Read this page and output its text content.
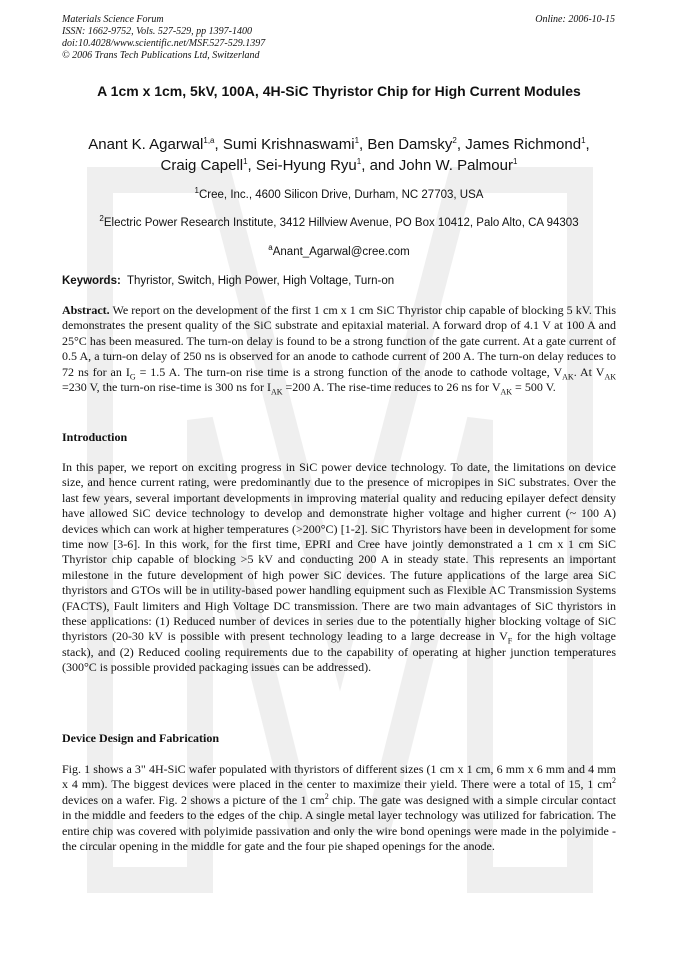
Materials Science Forum
ISSN: 1662-9752, Vols. 527-529, pp 1397-1400
doi:10.4028/www.scientific.net/MSF.527-529.1397
© 2006 Trans Tech Publications Ltd, Switzerland
Online: 2006-10-15
A 1cm x 1cm, 5kV, 100A, 4H-SiC Thyristor Chip for High Current Modules
Anant K. Agarwal$^{1,a}$, Sumi Krishnaswami$^1$, Ben Damsky$^2$, James Richmond$^1$,
Craig Capell$^1$, Sei-Hyung Ryu$^1$, and John W. Palmour$^1$
$^1$Cree, Inc., 4600 Silicon Drive, Durham, NC 27703, USA
$^2$Electric Power Research Institute, 3412 Hillview Avenue, PO Box 10412, Palo Alto, CA 94303
$^a$Anant_Agarwal@cree.com
Keywords: Thyristor, Switch, High Power, High Voltage, Turn-on
Abstract. We report on the development of the first 1 cm x 1 cm SiC Thyristor chip capable of blocking 5 kV. This demonstrates the present quality of the SiC substrate and epitaxial material. A forward drop of 4.1 V at 100 A and 25°C has been measured. The turn-on delay is found to be a strong function of the gate current. At a gate current of 0.5 A, a turn-on delay of 250 ns is observed for an anode to cathode current of 200 A. The turn-on delay reduces to 72 ns for an $I_G = 1.5$ A. The turn-on rise time is a strong function of the anode to cathode voltage, $V_{AK}$. At $V_{AK} =230$ V, the turn-on rise-time is 300 ns for $I_{AK} =200$ A. The rise-time reduces to 26 ns for $V_{AK} = 500$ V.
Introduction
In this paper, we report on exciting progress in SiC power device technology. To date, the limitations on device size, and hence current rating, were predominantly due to the presence of micropipes in SiC substrates. Over the last few years, several important developments in improving material quality and reducing epilayer defect density have allowed SiC device technology to develop and demonstrate higher voltage and higher current (~ 100 A) devices which can work at higher temperatures (>200°C) [1-2]. SiC Thyristors have been in development for some time now [3-6]. In this work, for the first time, EPRI and Cree have jointly demonstrated a 1 cm x 1 cm SiC Thyristor chip capable of blocking >5 kV and conducting 200 A in steady state. This represents an important milestone in the future development of high power SiC devices. The future applications of the large area SiC thyristors and GTOs will be in utility-based power handling equipment such as Flexible AC Transmission Systems (FACTS), Fault limiters and High Voltage DC transmission. There are two main advantages of SiC thyristors in these applications: (1) Reduced number of devices in series due to the potentially higher blocking voltage of SiC thyristors (20-30 kV is possible with present technology leading to a large decrease in $V_F$ for the high voltage stack), and (2) Reduced cooling requirements due to the capability of operating at higher junction temperatures (300°C is possible provided packaging issues can be addressed).
Device Design and Fabrication
Fig. 1 shows a 3" 4H-SiC wafer populated with thyristors of different sizes (1 cm x 1 cm, 6 mm x 6 mm and 4 mm x 4 mm). The biggest devices were placed in the center to maximize their yield. There were a total of 15, 1 $cm^2$ devices on a wafer. Fig. 2 shows a picture of the 1 $cm^2$ chip. The gate was designed with a simple circular contact in the middle and feeders to the edges of the chip. A single metal layer technology was utilized for fabrication. The entire chip was covered with polyimide passivation and only the wire bond openings were made in the polyimide - the circular opening in the middle for gate and the four pie shaped openings for the anode.
